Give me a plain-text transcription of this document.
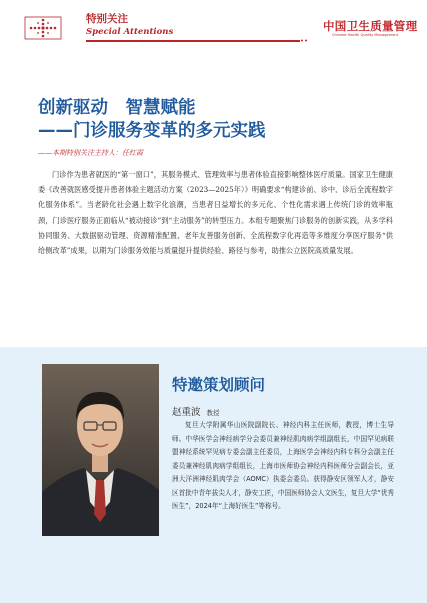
特别关注
Special Attentions	中国卫生质量管理
Chinese Health Quality Management
创新驱动　智慧赋能
——门诊服务变革的多元实践
——本期特别关注主持人：任红霞

门诊作为患者就医的“第一窗口”，其服务模式、管理效率与患者体验直接影响整体医疗质量。国家卫生健康委《改善就医感受提升患者体验主题活动方案（2023—2025年）》明确要求“构建诊前、诊中、诊后全流程数字化服务体系”。当老龄化社会遇上数字化浪潮，当患者日益增长的多元化、个性化需求遇上传统门诊的效率瓶颈，门诊医疗服务正面临从“被动接诊”到“主动服务”的转型压力。本组专题聚焦门诊服务的创新实践，从多学科协同服务、大数据驱动管理、资源精准配置、老年友善服务创新、全流程数字化再造等多维度分享医疗服务“供给侧改革”成果，以期为门诊服务效能与质量提升提供经验、路径与参考，助推公立医院高质量发展。

特邀策划顾问
赵重波 教授

复旦大学附属华山医院副院长、神经内科主任医师，教授，博士生导师。中华医学会神经病学分会委员兼神经肌肉病学组副组长，中国罕见病联盟神经系统罕见病专委会副主任委员，上海医学会神经内科专科分会副主任委员兼神经肌肉病学组组长，上海市医师协会神经内科医师分会副会长，亚洲大洋洲神经肌肉学会（AOMC）执委会委员。获得静安区领军人才，静安区首批中青年拔尖人才，静安工匠，中国医师协会人文医生，复旦大学“优秀医生”，2024年“上海好医生”等称号。
